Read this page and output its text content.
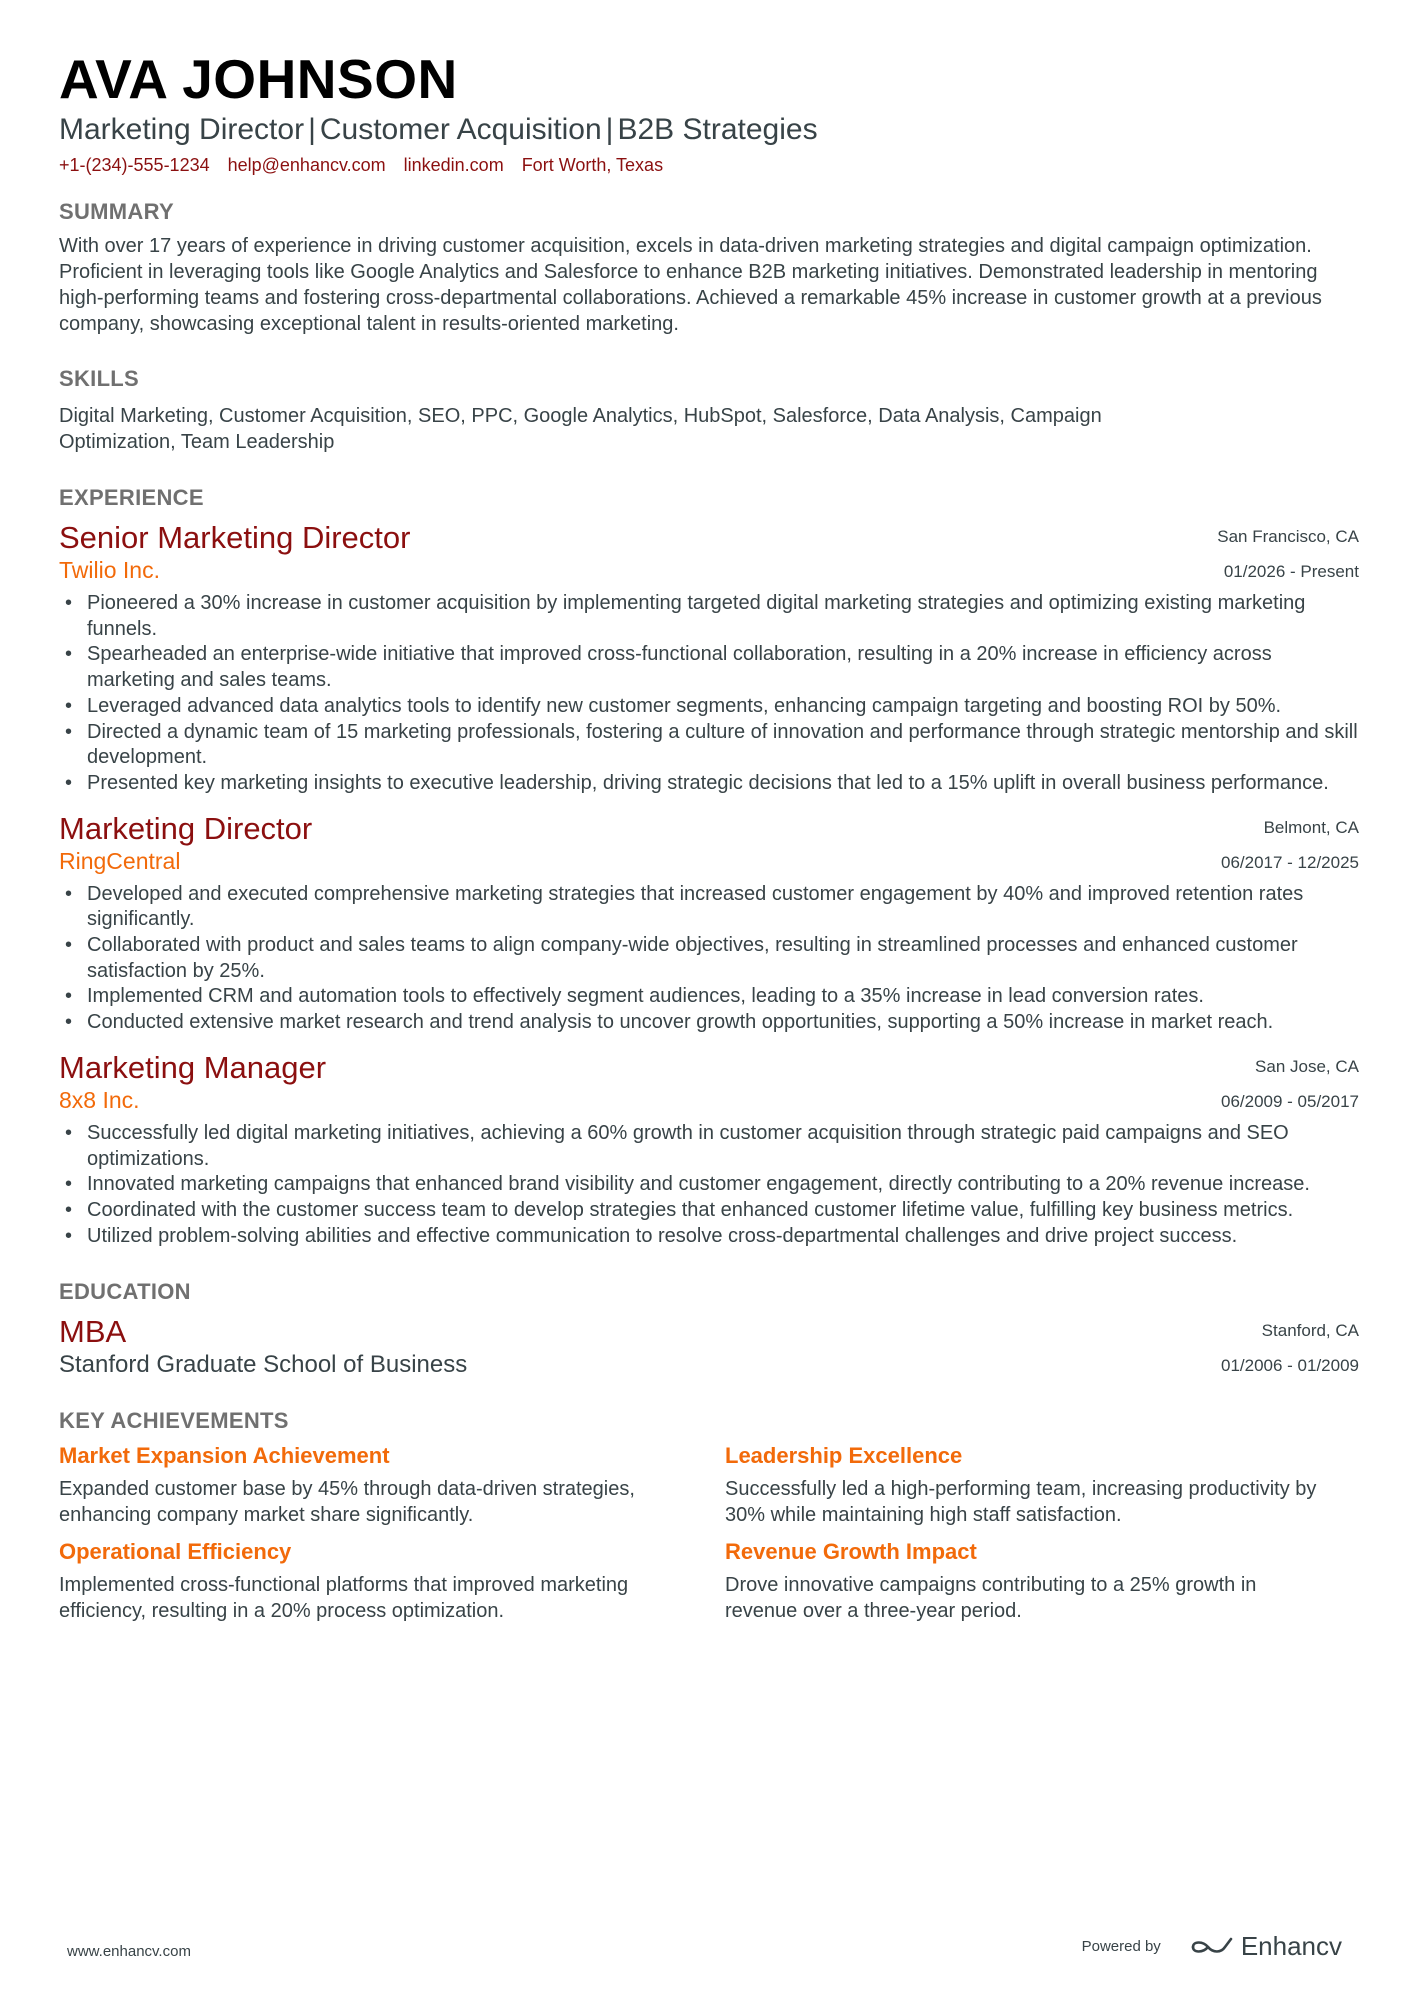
AVA JOHNSON
Marketing Director | Customer Acquisition | B2B Strategies
+1-(234)-555-1234 help@enhancv.com linkedin.com Fort Worth, Texas
SUMMARY
With over 17 years of experience in driving customer acquisition, excels in data-driven marketing strategies and digital campaign optimization. Proficient in leveraging tools like Google Analytics and Salesforce to enhance B2B marketing initiatives. Demonstrated leadership in mentoring high-performing teams and fostering cross-departmental collaborations. Achieved a remarkable 45% increase in customer growth at a previous company, showcasing exceptional talent in results-oriented marketing.
SKILLS
Digital Marketing, Customer Acquisition, SEO, PPC, Google Analytics, HubSpot, Salesforce, Data Analysis, Campaign Optimization, Team Leadership
EXPERIENCE
San Francisco, CA
01/2026 - Present
Senior Marketing Director
Twilio Inc.
• Pioneered a 30% increase in customer acquisition by implementing targeted digital marketing strategies and optimizing existing marketing funnels.
• Spearheaded an enterprise-wide initiative that improved cross-functional collaboration, resulting in a 20% increase in efficiency across marketing and sales teams.
• Leveraged advanced data analytics tools to identify new customer segments, enhancing campaign targeting and boosting ROI by 50%.
• Directed a dynamic team of 15 marketing professionals, fostering a culture of innovation and performance through strategic mentorship and skill development.
• Presented key marketing insights to executive leadership, driving strategic decisions that led to a 15% uplift in overall business performance.
Belmont, CA
06/2017 - 12/2025
Marketing Director
RingCentral
• Developed and executed comprehensive marketing strategies that increased customer engagement by 40% and improved retention rates significantly.
• Collaborated with product and sales teams to align company-wide objectives, resulting in streamlined processes and enhanced customer satisfaction by 25%.
• Implemented CRM and automation tools to effectively segment audiences, leading to a 35% increase in lead conversion rates.
• Conducted extensive market research and trend analysis to uncover growth opportunities, supporting a 50% increase in market reach.
San Jose, CA
06/2009 - 05/2017
Marketing Manager
8x8 Inc.
• Successfully led digital marketing initiatives, achieving a 60% growth in customer acquisition through strategic paid campaigns and SEO optimizations.
• Innovated marketing campaigns that enhanced brand visibility and customer engagement, directly contributing to a 20% revenue increase.
• Coordinated with the customer success team to develop strategies that enhanced customer lifetime value, fulfilling key business metrics.
• Utilized problem-solving abilities and effective communication to resolve cross-departmental challenges and drive project success.
EDUCATION
Stanford, CA
01/2006 - 01/2009
MBA
Stanford Graduate School of Business
KEY ACHIEVEMENTS
Market Expansion Achievement
Expanded customer base by 45% through data-driven strategies, enhancing company market share significantly.
Leadership Excellence
Successfully led a high-performing team, increasing productivity by 30% while maintaining high staff satisfaction.
Operational Efficiency
Implemented cross-functional platforms that improved marketing efficiency, resulting in a 20% process optimization.
Revenue Growth Impact
Drove innovative campaigns contributing to a 25% growth in revenue over a three-year period.
www.enhancv.com	Powered by	Enhancv
